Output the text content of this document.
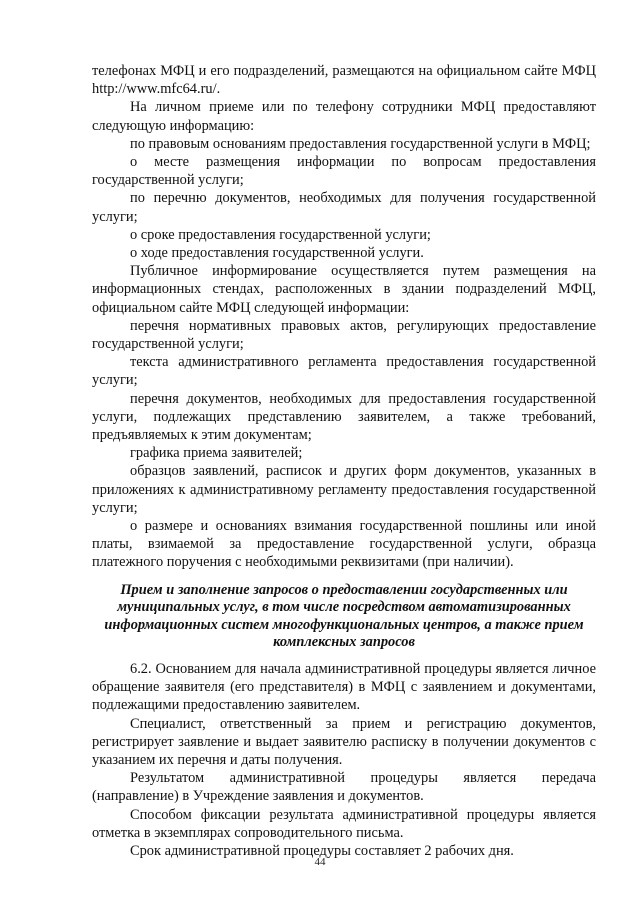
телефонах МФЦ и его подразделений, размещаются на официальном сайте МФЦ http://www.mfc64.ru/.

На личном приеме или по телефону сотрудники МФЦ предоставляют следующую информацию:

по правовым основаниям предоставления государственной услуги в МФЦ;

о месте размещения информации по вопросам предоставления государственной услуги;

по перечню документов, необходимых для получения государственной услуги;

о сроке предоставления государственной услуги;

о ходе предоставления государственной услуги.

Публичное информирование осуществляется путем размещения на информационных стендах, расположенных в здании подразделений МФЦ, официальном сайте МФЦ следующей информации:

перечня нормативных правовых актов, регулирующих предоставление государственной услуги;

текста административного регламента предоставления государственной услуги;

перечня документов, необходимых для предоставления государственной услуги, подлежащих представлению заявителем, а также требований, предъявляемых к этим документам;

графика приема заявителей;

образцов заявлений, расписок и других форм документов, указанных в приложениях к административному регламенту предоставления государственной услуги;

о размере и основаниях взимания государственной пошлины или иной платы, взимаемой за предоставление государственной услуги, образца платежного поручения с необходимыми реквизитами (при наличии).

Прием и заполнение запросов о предоставлении государственных или муниципальных услуг, в том числе посредством автоматизированных информационных систем многофункциональных центров, а также прием комплексных запросов

6.2. Основанием для начала административной процедуры является личное обращение заявителя (его представителя) в МФЦ с заявлением и документами, подлежащими предоставлению заявителем.

Специалист, ответственный за прием и регистрацию документов, регистрирует заявление и выдает заявителю расписку в получении документов с указанием их перечня и даты получения.

Результатом административной процедуры является передача (направление) в Учреждение заявления и документов.

Способом фиксации результата административной процедуры является отметка в экземплярах сопроводительного письма.

Срок административной процедуры составляет 2 рабочих дня.

44
